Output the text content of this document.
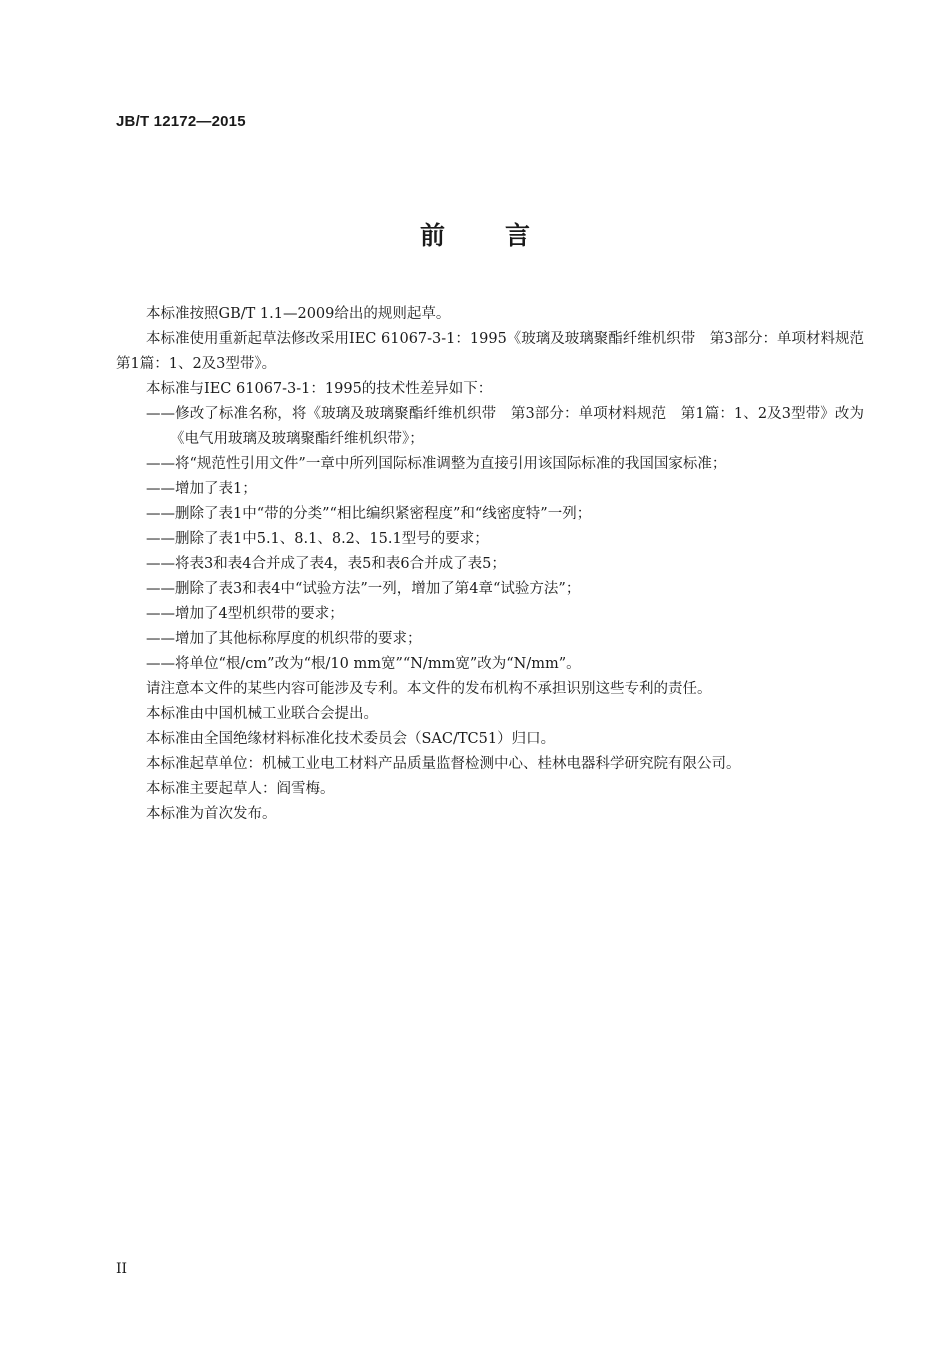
JB/T 12172—2015
前 言

本标准按照GB/T 1.1—2009给出的规则起草。

本标准使用重新起草法修改采用IEC 61067-3-1：1995《玻璃及玻璃聚酯纤维机织带　第3部分：单项材料规范　第1篇：1、2及3型带》。

本标准与IEC 61067-3-1：1995的技术性差异如下：

——修改了标准名称，将《玻璃及玻璃聚酯纤维机织带　第3部分：单项材料规范　第1篇：1、2及3型带》改为《电气用玻璃及玻璃聚酯纤维机织带》；

——将“规范性引用文件”一章中所列国际标准调整为直接引用该国际标准的我国国家标准；

——增加了表1；

——删除了表1中“带的分类”“相比编织紧密程度”和“线密度特”一列；

——删除了表1中5.1、8.1、8.2、15.1型号的要求；

——将表3和表4合并成了表4，表5和表6合并成了表5；

——删除了表3和表4中“试验方法”一列，增加了第4章“试验方法”；

——增加了4型机织带的要求；

——增加了其他标称厚度的机织带的要求；

——将单位“根/cm”改为“根/10 mm宽”“N/mm宽”改为“N/mm”。

请注意本文件的某些内容可能涉及专利。本文件的发布机构不承担识别这些专利的责任。

本标准由中国机械工业联合会提出。

本标准由全国绝缘材料标准化技术委员会（SAC/TC51）归口。

本标准起草单位：机械工业电工材料产品质量监督检测中心、桂林电器科学研究院有限公司。

本标准主要起草人：阎雪梅。

本标准为首次发布。

II
